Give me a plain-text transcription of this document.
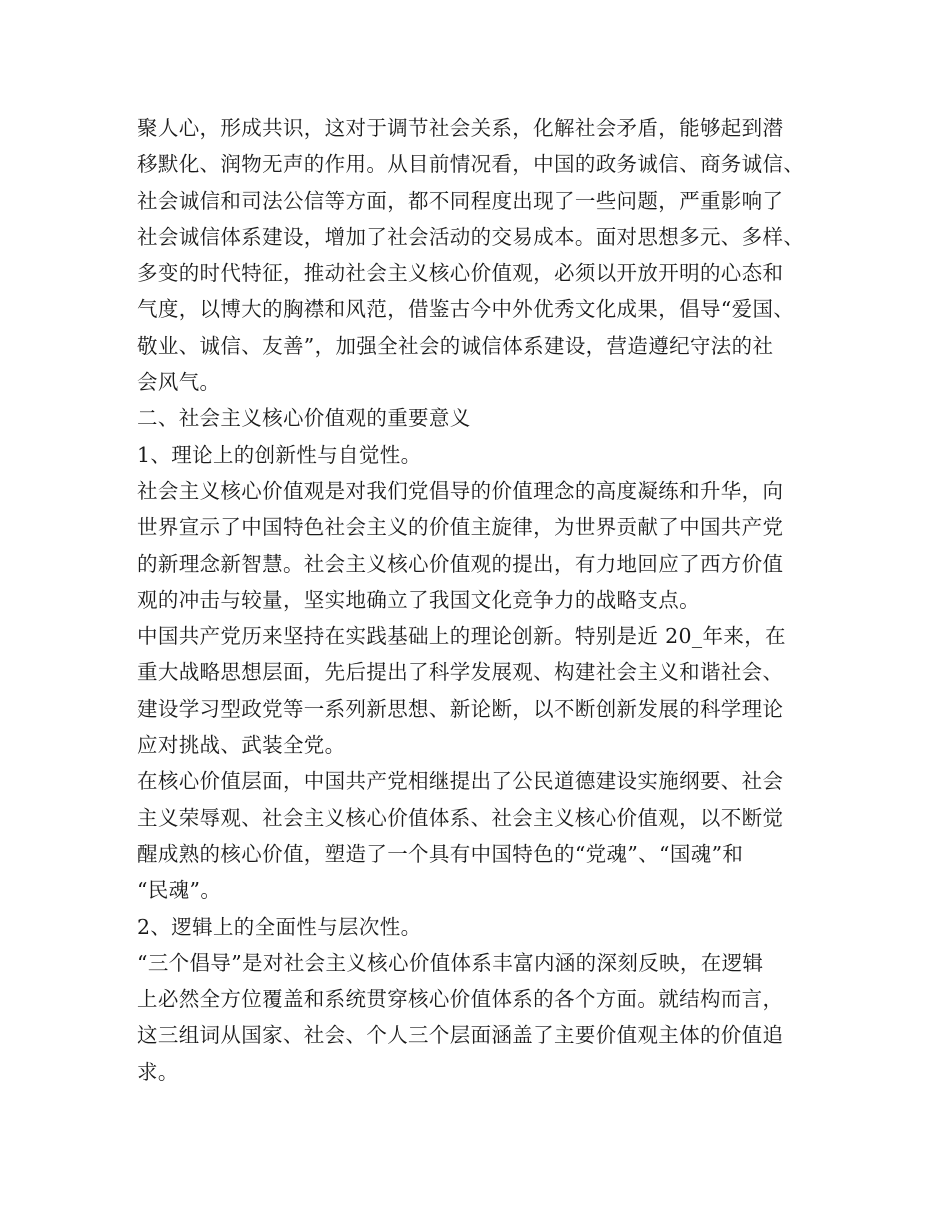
聚人心，形成共识，这对于调节社会关系，化解社会矛盾，能够起到潜
移默化、润物无声的作用。从目前情况看，中国的政务诚信、商务诚信、
社会诚信和司法公信等方面，都不同程度出现了一些问题，严重影响了
社会诚信体系建设，增加了社会活动的交易成本。面对思想多元、多样、
多变的时代特征，推动社会主义核心价值观，必须以开放开明的心态和
气度，以博大的胸襟和风范，借鉴古今中外优秀文化成果，倡导“爱国、
敬业、诚信、友善”，加强全社会的诚信体系建设，营造遵纪守法的社
会风气。
二、社会主义核心价值观的重要意义
1、理论上的创新性与自觉性。
社会主义核心价值观是对我们党倡导的价值理念的高度凝练和升华，向
世界宣示了中国特色社会主义的价值主旋律，为世界贡献了中国共产党
的新理念新智慧。社会主义核心价值观的提出，有力地回应了西方价值
观的冲击与较量，坚实地确立了我国文化竞争力的战略支点。
中国共产党历来坚持在实践基础上的理论创新。特别是近 20_年来，在
重大战略思想层面，先后提出了科学发展观、构建社会主义和谐社会、
建设学习型政党等一系列新思想、新论断，以不断创新发展的科学理论
应对挑战、武装全党。
在核心价值层面，中国共产党相继提出了公民道德建设实施纲要、社会
主义荣辱观、社会主义核心价值体系、社会主义核心价值观，以不断觉
醒成熟的核心价值，塑造了一个具有中国特色的“党魂”、“国魂”和
“民魂”。
2、逻辑上的全面性与层次性。
“三个倡导”是对社会主义核心价值体系丰富内涵的深刻反映，在逻辑
上必然全方位覆盖和系统贯穿核心价值体系的各个方面。就结构而言，
这三组词从国家、社会、个人三个层面涵盖了主要价值观主体的价值追
求。
